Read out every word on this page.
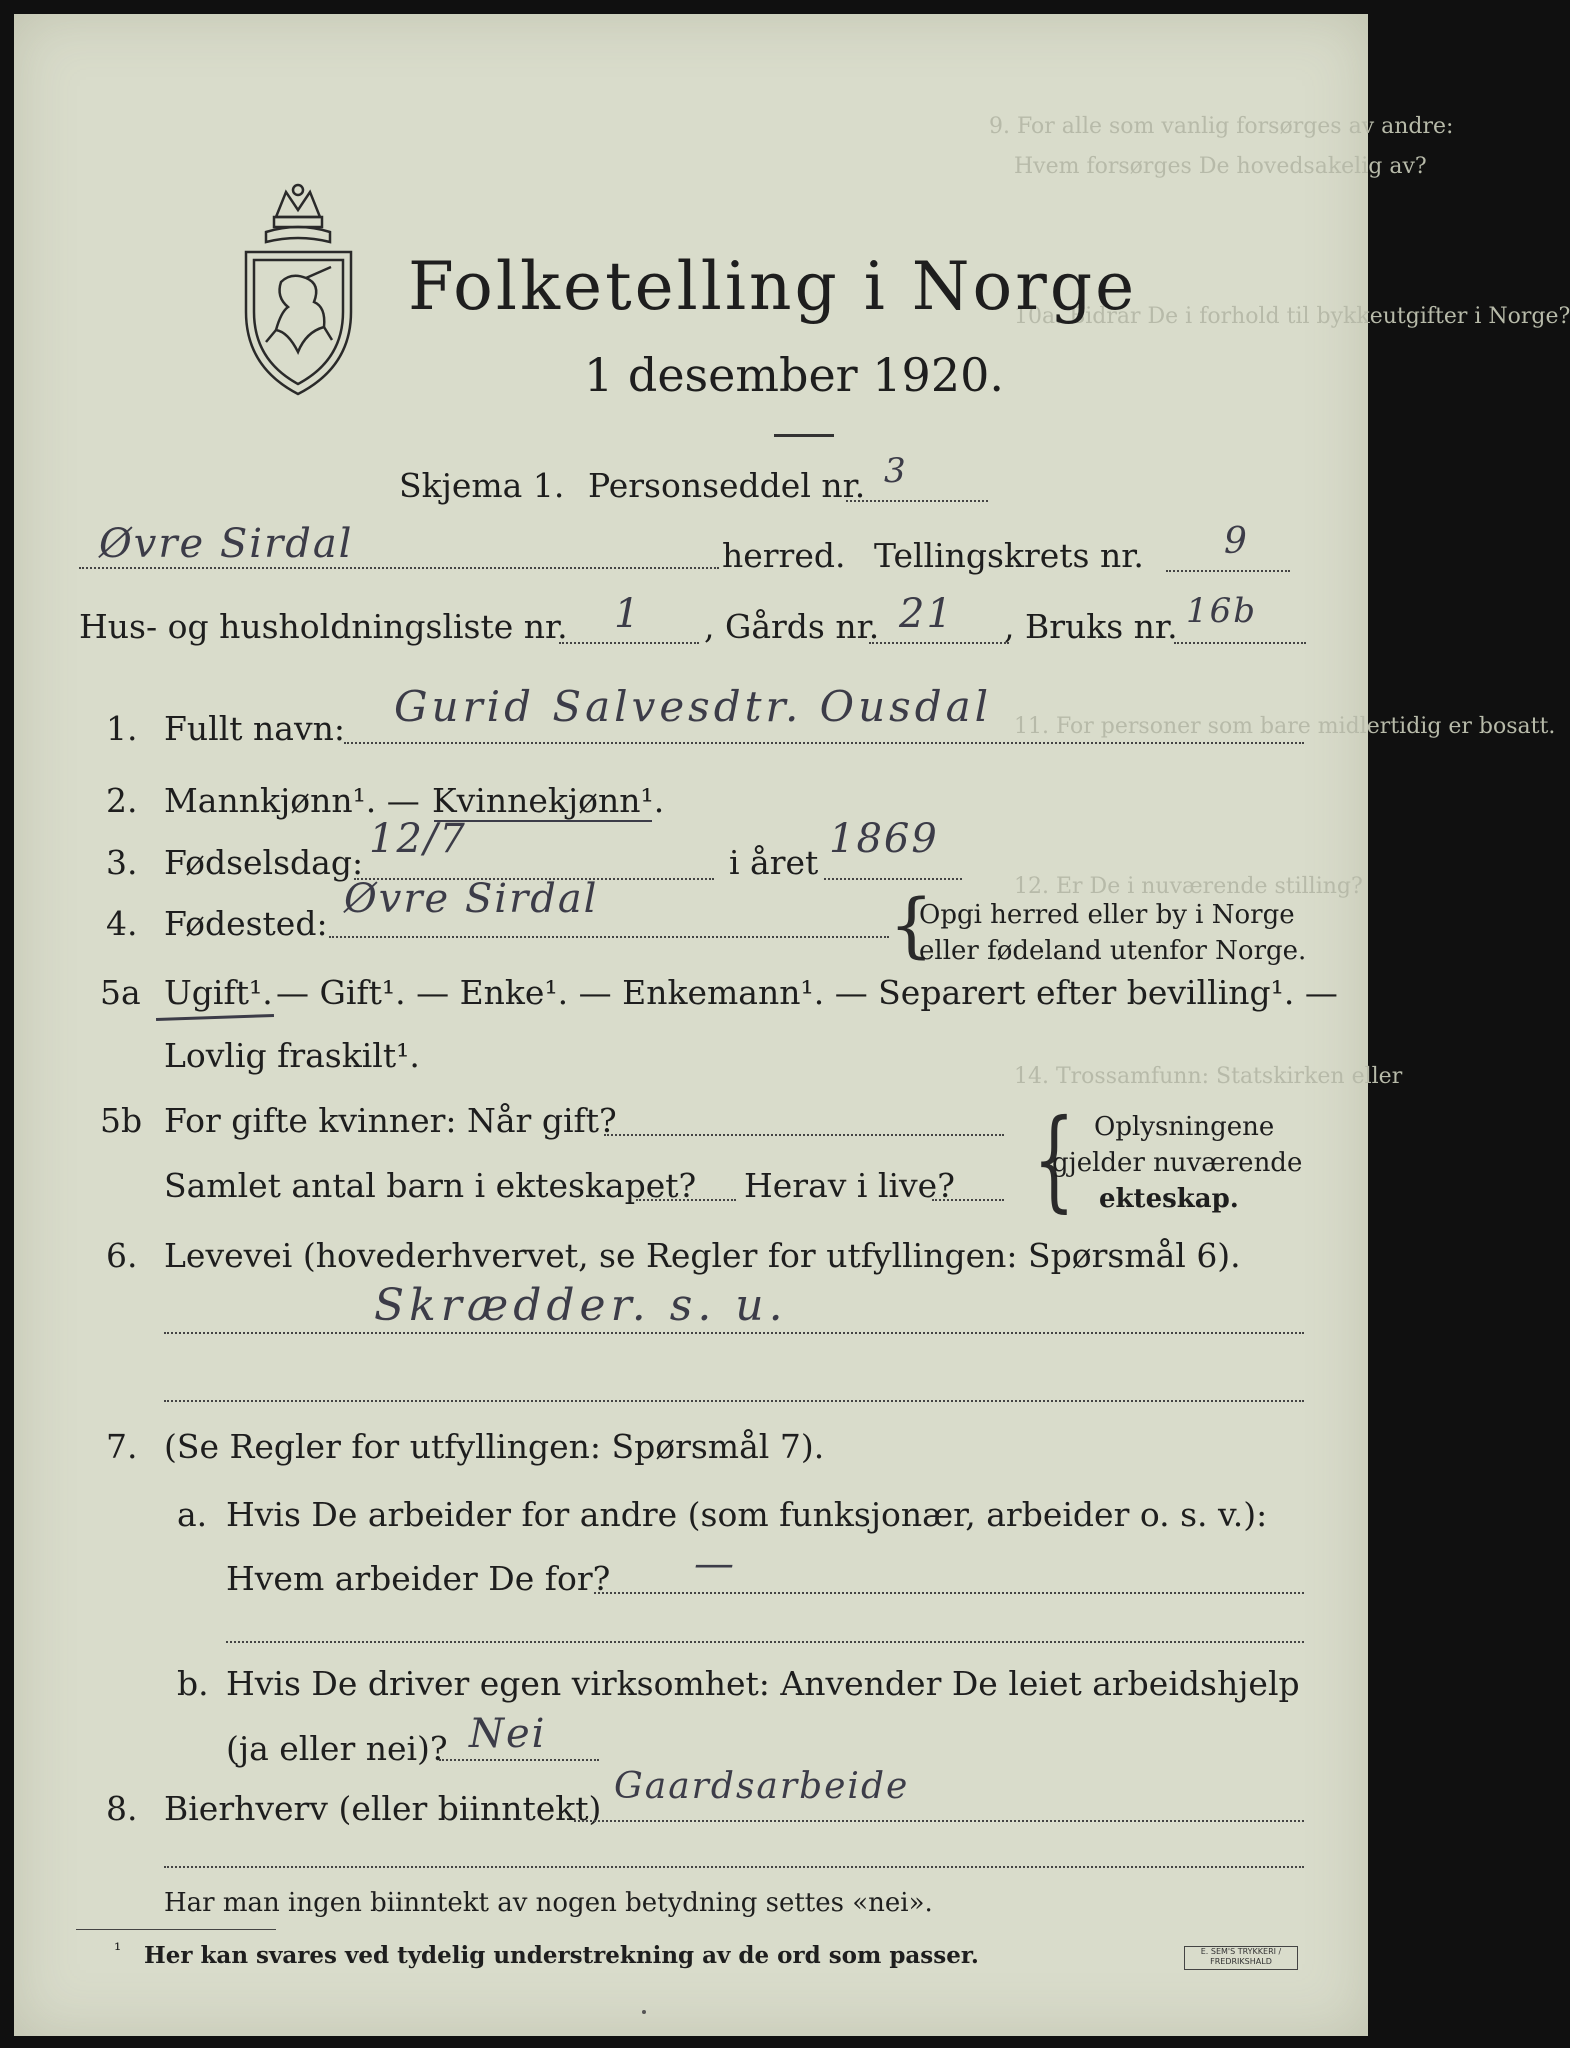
9. For alle som vanlig forsørges av andre:
Hvem forsørges De hovedsakelig av?
10a. Bidrar De i forhold til bykkeutgifter i Norge?
11. For personer som bare midlertidig er bosatt.
12. Er De i nuværende stilling?
14. Trossamfunn: Statskirken eller
Folketelling i Norge
1 desember 1920.
Skjema 1. Personseddel nr. 3
Øvre Sirdal	herred. Tellingskrets nr. 9
Hus- og husholdningsliste nr. 1 , Gårds nr. 21 , Bruks nr. 16b
1. Fullt navn: Gurid Salvesdtr. Ousdal
2. Mannkjønn¹. — Kvinnekjønn¹.
3. Fødselsdag:
12/7
i året
1869
4. Fødested:
Øvre Sirdal	{
Opgi herred eller by i Norge
eller fødeland utenfor Norge.
5a Ugift¹. — Gift¹. — Enke¹. — Enkemann¹. — Separert efter bevilling¹. —
Lovlig fraskilt¹.
5b For gifte kvinner: Når gift?
Samlet antal barn i ekteskapet? Herav i live? { Oplysningene
gjelder nuværende
ekteskap.
6. Levevei (hovederhvervet, se Regler for utfyllingen: Spørsmål 6).
Skrædder. s. u.
7. (Se Regler for utfyllingen: Spørsmål 7).
a. Hvis De arbeider for andre (som funksjonær, arbeider o. s. v.):
Hvem arbeider De for? —
b. Hvis De driver egen virksomhet: Anvender De leiet arbeidshjelp
(ja eller nei)? Nei
8. Bierhverv (eller biinntekt)
Gaardsarbeide
Har man ingen biinntekt av nogen betydning settes «nei».
¹ Her kan svares ved tydelig understrekning av de ord som passer.	E. SEM'S TRYKKERI / FREDRIKSHALD
